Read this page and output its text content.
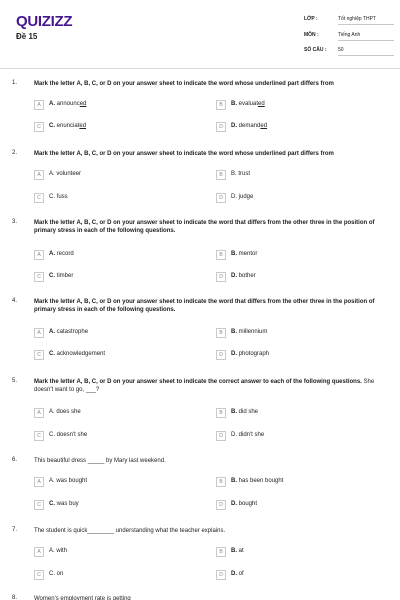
QUIZIZZ
Đề 15
LỚP :	Tốt nghiệp THPT
MÔN :	Tiếng Anh
SỐ CÂU : 50
1.	Mark the letter A, B, C, or D on your answer sheet to indicate the word whose underlined part differs from
A	A. announced	B	B. evaluated
C	C. enunciated	D	D. demanded
2.	Mark the letter A, B, C, or D on your answer sheet to indicate the word whose underlined part differs from
A	A. volunteer	B	B. trust
C	C. fuss	D	D. judge
3.	Mark the letter A, B, C, or D on your answer sheet to indicate the word that differs from the other three in the position of primary stress in each of the following questions.
A	A. record	B	B. mentor
C	C. timber	D	D. bother
4.	Mark the letter A, B, C, or D on your answer sheet to indicate the word that differs from the other three in the position of primary stress in each of the following questions.
A	A. catastrophe	B	B. millennium
C	C. acknowledgement	D	D. photograph
5.	Mark the letter A, B, C, or D on your answer sheet to indicate the correct answer to each of the following questions. She doesn't want to go, ___?
A	A. does she	B	B. did she
C	C. doesn't she	D	D. didn't she
6.	This beautiful dress _____ by Mary last weekend.
A	A. was bought	B	B. has been bought
C	C. was buy	D	D. bought
7.	The student is quick________ understanding what the teacher explains.
A	A. with	B	B. at
C	C. on	D	D. of
8.	Women's employment rate is getting
